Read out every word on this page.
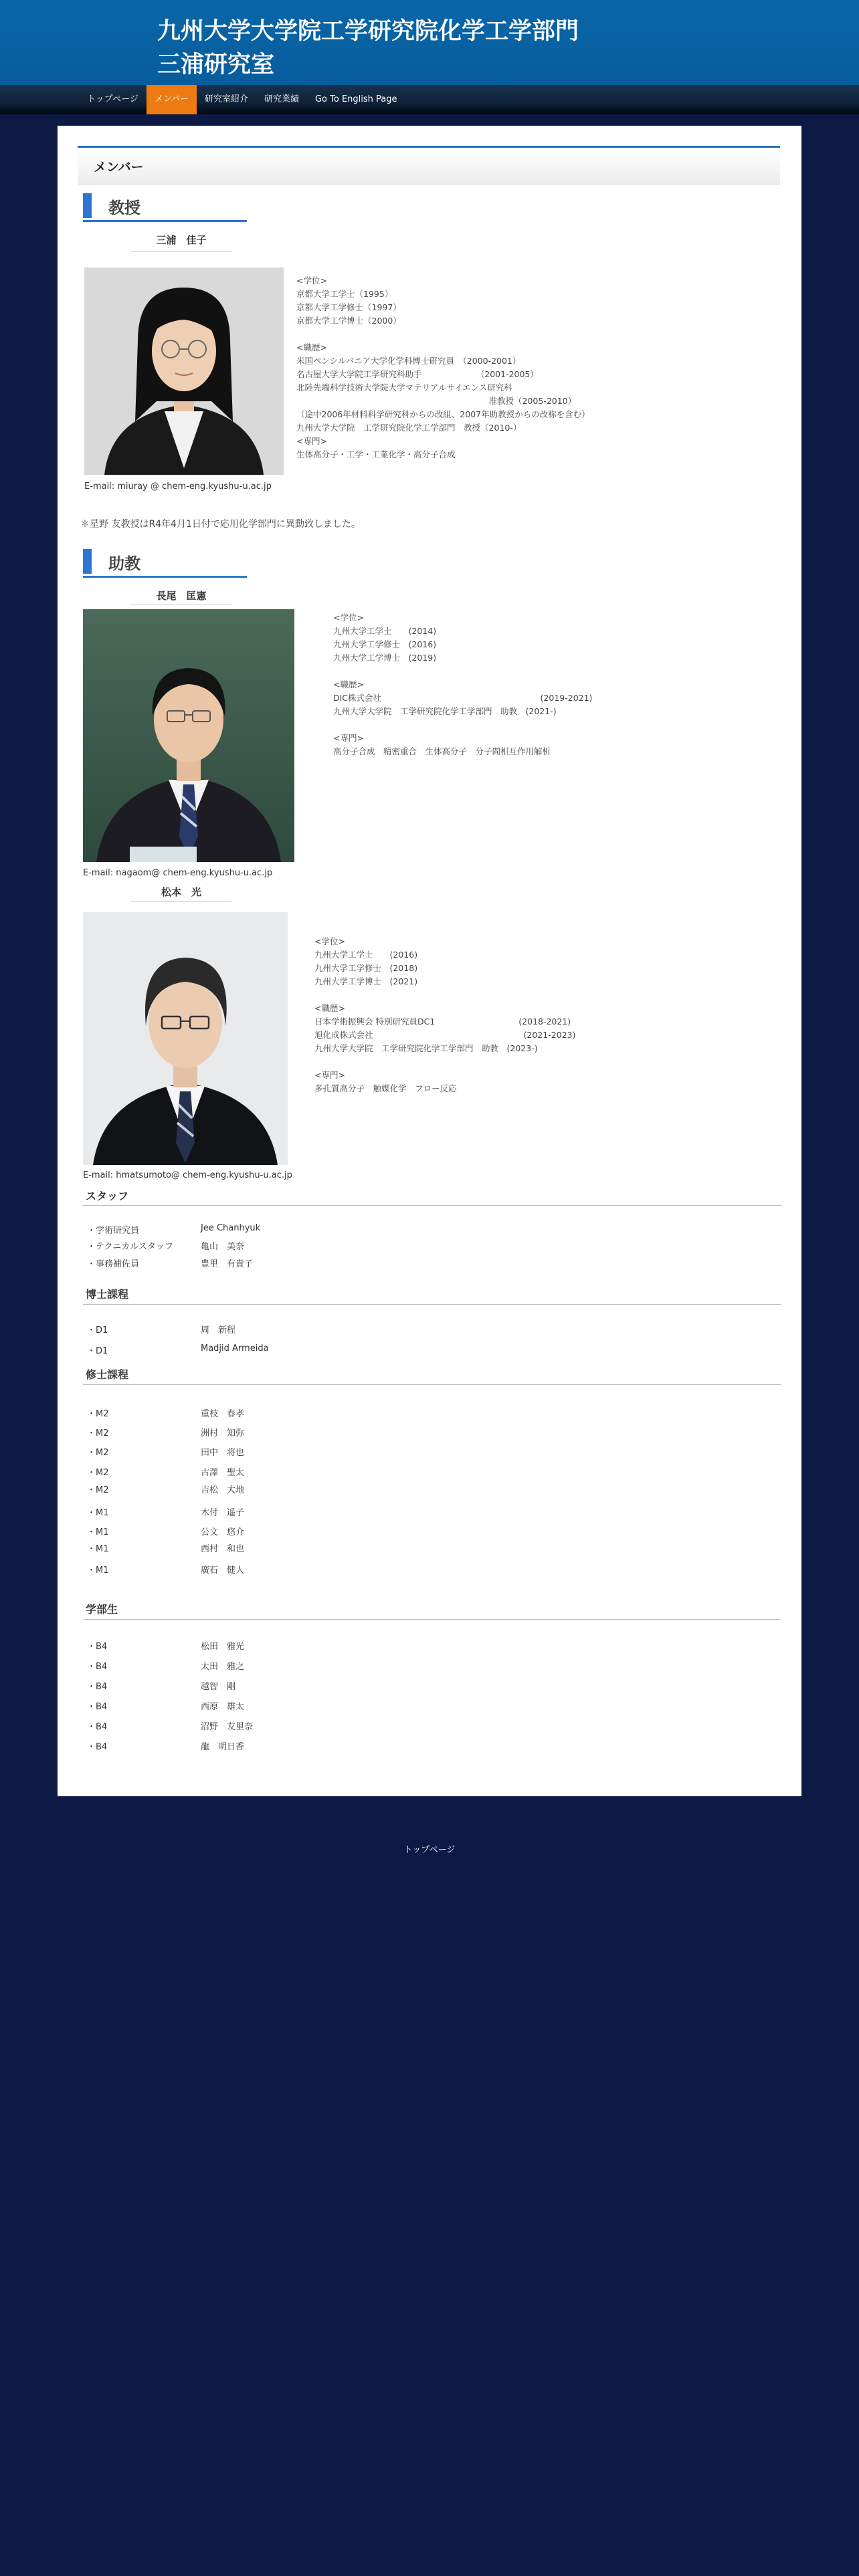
九州大学大学院工学研究院化学工学部門
三浦研究室
トップページ	メンバー	研究室紹介	研究業績	Go To English Page
メンバー
教授
三浦　佳子
<学位>
京都大学工学士（1995）
京都大学工学修士（1997）
京都大学工学博士（2000）

<職歴>
米国ペンシルバニア大学化学科博士研究員　（2000-2001）
名古屋大学大学院工学研究科助手　　　　　　　（2001-2005）
北陸先端科学技術大学院大学マテリアルサイエンス研究科
　　　　　　　　　　　　　　　　　　　　　　　准教授（2005-2010）
（途中2006年材料科学研究科からの改組、2007年助教授からの改称を含む）
九州大学大学院　工学研究院化学工学部門　教授（2010-）
<専門>
生体高分子・工学・工業化学・高分子合成
E-mail: miuray @ chem-eng.kyushu-u.ac.jp
＊星野 友教授はR4年4月1日付で応用化学部門に異動致しました。
助教
長尾　匡憲
<学位>
九州大学工学士　　(2014)
九州大学工学修士　(2016)
九州大学工学博士　(2019)

<職歴>
DIC株式会社　　　　　　　　　　　　　　　　　　　(2019-2021)
九州大学大学院　工学研究院化学工学部門　助教　(2021-)

<専門>
高分子合成　精密重合　生体高分子　分子間相互作用解析
E-mail: nagaom@ chem-eng.kyushu-u.ac.jp
松本　光
<学位>
九州大学工学士　　(2016)
九州大学工学修士　(2018)
九州大学工学博士　(2021)

<職歴>
日本学術振興会 特別研究員DC1　　　　　　　　　　(2018-2021)
旭化成株式会社　　　　　　　　　　　　　　　　　　(2021-2023)
九州大学大学院　工学研究院化学工学部門　助教　(2023-)

<専門>
多孔質高分子　触媒化学　フロー反応
E-mail: hmatsumoto@ chem-eng.kyushu-u.ac.jp
スタッフ
・学術研究員	Jee Chanhyuk
・テクニカルスタッフ	亀山　美奈
・事務補佐員	豊里　有貴子
博士課程
・D1	周　新程
・D1	Madjid Armeida
修士課程
・M2	重枝　春孝
・M2	洲村　知弥
・M2	田中　将也
・M2	古澤　聖太
・M2	吉松　大地
・M1	木付　遥子
・M1	公文　悠介
・M1	西村　和也
・M1	廣石　健人
学部生
・B4	松田　雅光
・B4	太田　雅之
・B4	越智　剛
・B4	西原　雄太
・B4	沼野　友里奈
・B4	龍　明日香
トップページ
